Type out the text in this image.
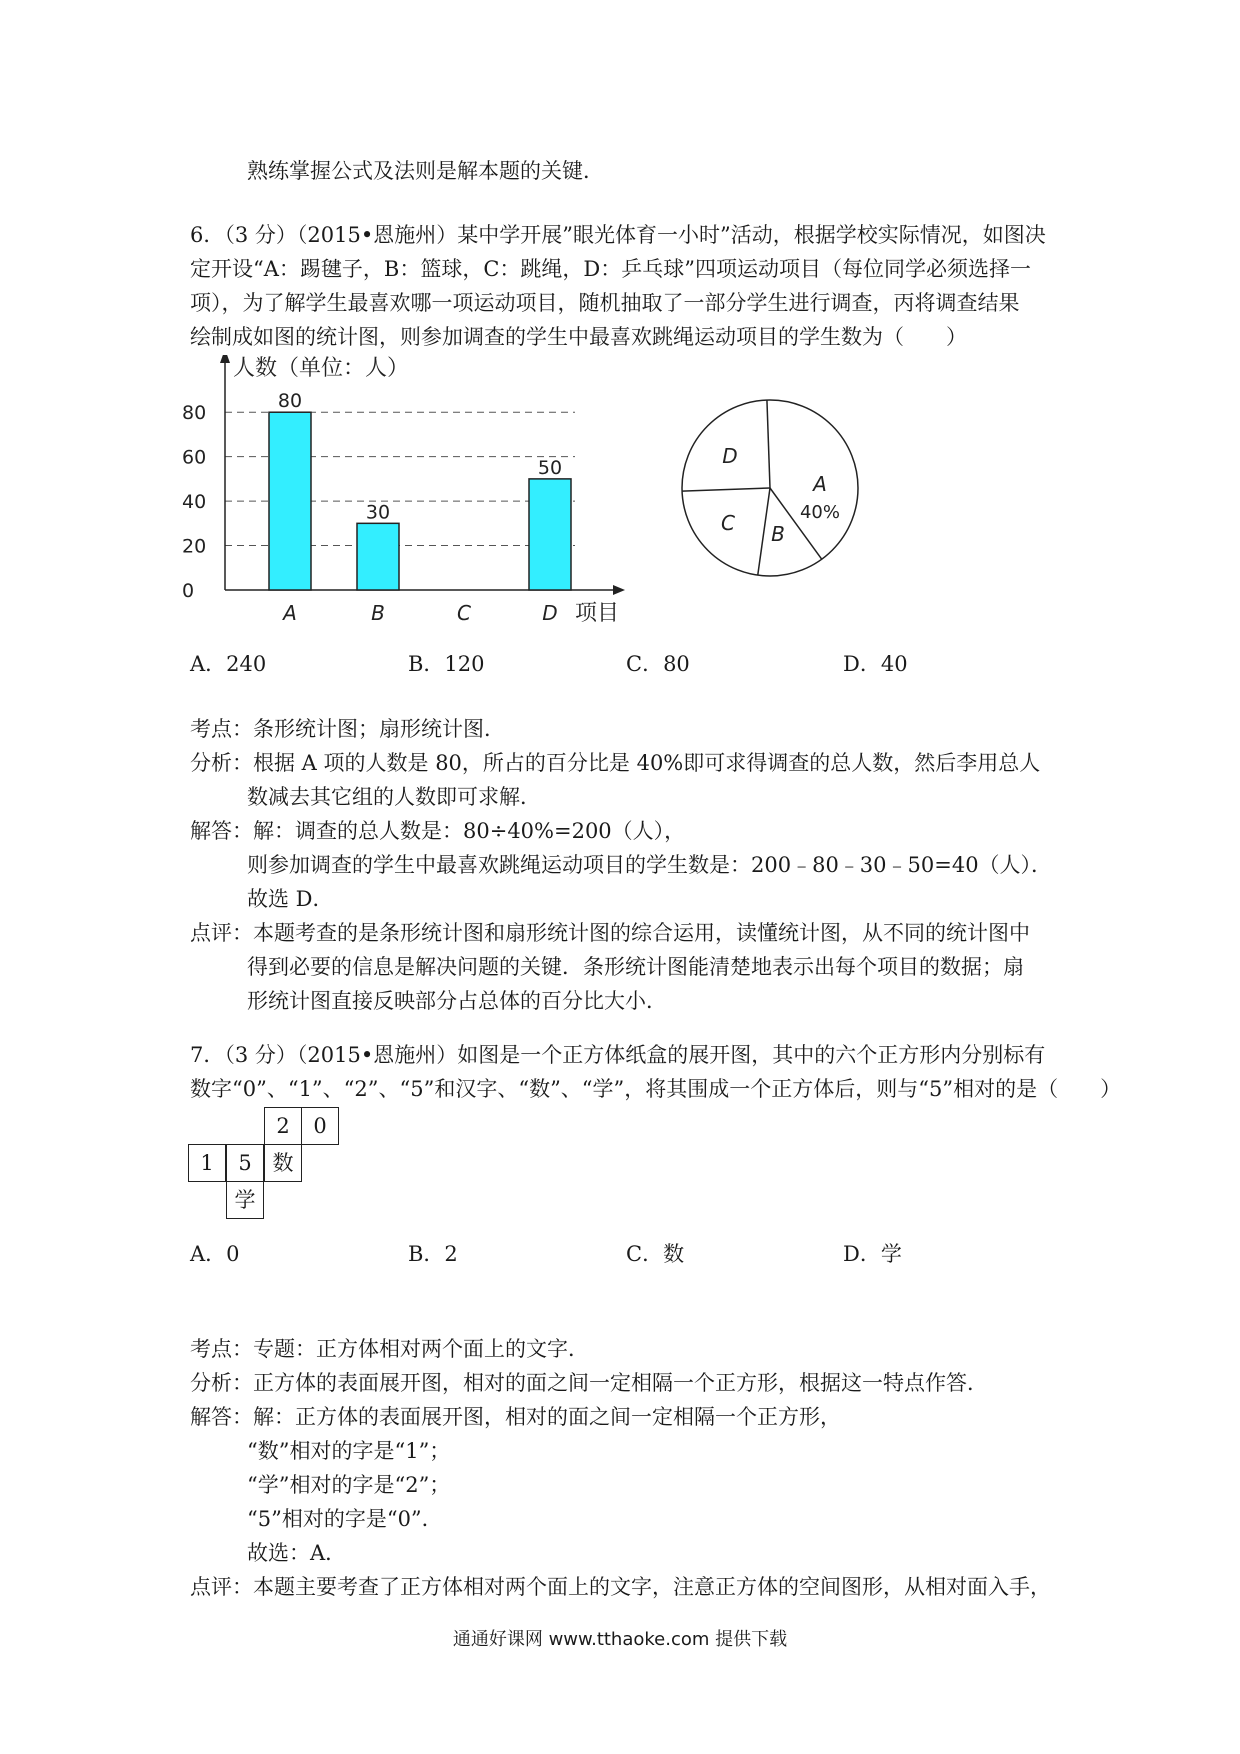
熟练掌握公式及法则是解本题的关键．
6．（3 分）（2015•恩施州）某中学开展”眼光体育一小时”活动，根据学校实际情况，如图决
定开设“A：踢毽子，B：篮球，C：跳绳，D：乒乓球”四项运动项目（每位同学必须选择一
项），为了解学生最喜欢哪一项运动项目，随机抽取了一部分学生进行调查，丙将调查结果
绘制成如图的统计图，则参加调查的学生中最喜欢跳绳运动项目的学生数为（　　）
0
20
40
60
80
人数（单位：人）
80
A
30
B	C
50
D 项目
A
B
C
D
40%
A．240	B．120	C．80	D．40
考点：条形统计图；扇形统计图．
分析：根据 A 项的人数是 80，所占的百分比是 40%即可求得调查的总人数，然后李用总人
数减去其它组的人数即可求解．
解答：解：调查的总人数是：80÷40%=200（人），
则参加调查的学生中最喜欢跳绳运动项目的学生数是：200﹣80﹣30﹣50=40（人）．
故选 D．
点评：本题考查的是条形统计图和扇形统计图的综合运用，读懂统计图，从不同的统计图中
得到必要的信息是解决问题的关键．条形统计图能清楚地表示出每个项目的数据；扇
形统计图直接反映部分占总体的百分比大小．
7．（3 分）（2015•恩施州）如图是一个正方体纸盒的展开图，其中的六个正方形内分别标有
数字“0”、“1”、“2”、“5”和汉字、“数”、“学”，将其围成一个正方体后，则与“5”相对的是（　　）
2	0
1	5 数
学
A．0	B．2	C．数	D．学
考点：专题：正方体相对两个面上的文字．
分析：正方体的表面展开图，相对的面之间一定相隔一个正方形，根据这一特点作答．
解答：解：正方体的表面展开图，相对的面之间一定相隔一个正方形，
“数”相对的字是“1”；
“学”相对的字是“2”；
“5”相对的字是“0”．
故选：A．
点评：本题主要考查了正方体相对两个面上的文字，注意正方体的空间图形，从相对面入手，
通通好课网 www.tthaoke.com 提供下载
